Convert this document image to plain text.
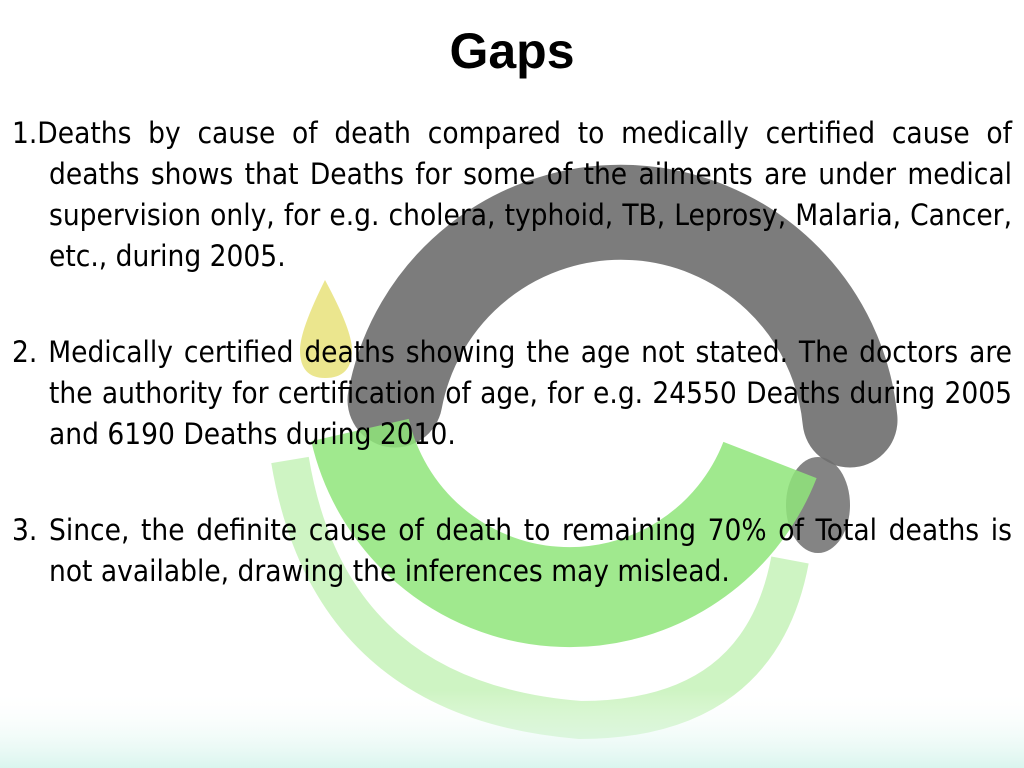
Gaps

1.Deaths by cause of death compared to medically certified cause of deaths shows that Deaths for some of the ailments are under medical supervision only, for e.g. cholera, typhoid, TB, Leprosy, Malaria, Cancer, etc., during 2005.

2. Medically certified deaths showing the age not stated. The doctors are the authority for certification of age, for e.g. 24550 Deaths during 2005 and 6190 Deaths during 2010.

3. Since, the definite cause of death to remaining 70% of Total deaths is not available, drawing the inferences may mislead.
